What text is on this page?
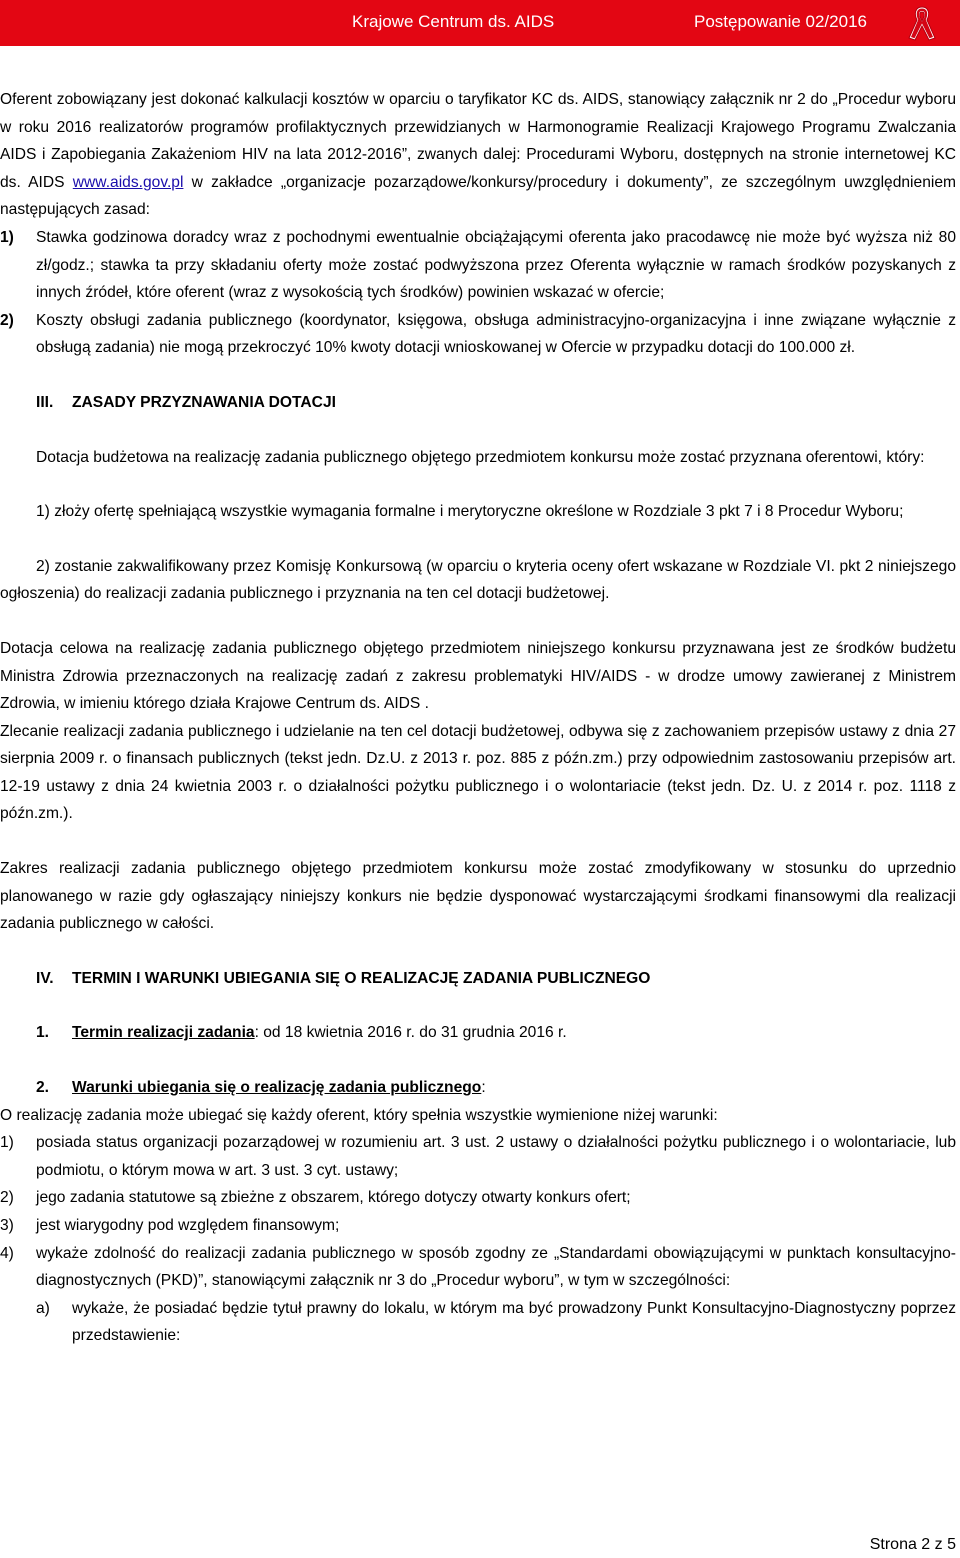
Krajowe Centrum ds. AIDS	Postępowanie 02/2016

Oferent zobowiązany jest dokonać kalkulacji kosztów w oparciu o taryfikator KC ds. AIDS, stanowiący załącznik nr 2 do „Procedur wyboru w roku 2016 realizatorów programów profilaktycznych przewidzianych w Harmonogramie Realizacji Krajowego Programu Zwalczania AIDS i Zapobiegania Zakażeniom HIV na lata 2012-2016”, zwanych dalej: Procedurami Wyboru, dostępnych na stronie internetowej KC ds. AIDS www.aids.gov.pl w zakładce „organizacje pozarządowe/konkursy/procedury i dokumenty”, ze szczególnym uwzględnieniem następujących zasad:

1)	Stawka godzinowa doradcy wraz z pochodnymi ewentualnie obciążającymi oferenta jako pracodawcę nie może być wyższa niż 80 zł/godz.; stawka ta przy składaniu oferty może zostać podwyższona przez Oferenta wyłącznie w ramach środków pozyskanych z innych źródeł, które oferent (wraz z wysokością tych środków) powinien wskazać w ofercie;
2)	Koszty obsługi zadania publicznego (koordynator, księgowa, obsługa administracyjno-organizacyjna i inne związane wyłącznie z obsługą zadania) nie mogą przekroczyć 10% kwoty dotacji wnioskowanej w Ofercie w przypadku dotacji do 100.000 zł.
III.	ZASADY PRZYZNAWANIA DOTACJI

Dotacja budżetowa na realizację zadania publicznego objętego przedmiotem konkursu może zostać przyznana oferentowi, który:

1) złoży ofertę spełniającą wszystkie wymagania formalne i merytoryczne określone w Rozdziale 3 pkt 7 i 8 Procedur Wyboru;

2) zostanie zakwalifikowany przez Komisję Konkursową (w oparciu o kryteria oceny ofert wskazane w Rozdziale VI. pkt 2 niniejszego ogłoszenia) do realizacji zadania publicznego i przyznania na ten cel dotacji budżetowej.

Dotacja celowa na realizację zadania publicznego objętego przedmiotem niniejszego konkursu przyznawana jest ze środków budżetu Ministra Zdrowia przeznaczonych na realizację zadań z zakresu problematyki HIV/AIDS - w drodze umowy zawieranej z Ministrem Zdrowia, w imieniu którego działa Krajowe Centrum ds. AIDS .

Zlecanie realizacji zadania publicznego i udzielanie na ten cel dotacji budżetowej, odbywa się z zachowaniem przepisów ustawy z dnia 27 sierpnia 2009 r. o finansach publicznych (tekst jedn. Dz.U. z 2013 r. poz. 885 z późn.zm.) przy odpowiednim zastosowaniu przepisów art. 12-19 ustawy z dnia 24 kwietnia 2003 r. o działalności pożytku publicznego i o wolontariacie (tekst jedn. Dz. U. z 2014 r. poz. 1118 z późn.zm.).

Zakres realizacji zadania publicznego objętego przedmiotem konkursu może zostać zmodyfikowany w stosunku do uprzednio planowanego w razie gdy ogłaszający niniejszy konkurs nie będzie dysponować wystarczającymi środkami finansowymi dla realizacji zadania publicznego w całości.

IV.	TERMIN I WARUNKI UBIEGANIA SIĘ O REALIZACJĘ ZADANIA PUBLICZNEGO
1.	Termin realizacji zadania: od 18 kwietnia 2016 r. do 31 grudnia 2016 r.
2.	Warunki ubiegania się o realizację zadania publicznego:

O realizację zadania może ubiegać się każdy oferent, który spełnia wszystkie wymienione niżej warunki:

1)	posiada status organizacji pozarządowej w rozumieniu art. 3 ust. 2 ustawy o działalności pożytku publicznego i o wolontariacie, lub podmiotu, o którym mowa w art. 3 ust. 3 cyt. ustawy;
2)	jego zadania statutowe są zbieżne z obszarem, którego dotyczy otwarty konkurs ofert;
3)	jest wiarygodny pod względem finansowym;
4)	wykaże zdolność do realizacji zadania publicznego w sposób zgodny ze „Standardami obowiązującymi w punktach konsultacyjno-diagnostycznych (PKD)”, stanowiącymi załącznik nr 3 do „Procedur wyboru”, w tym w szczególności:
a)	wykaże, że posiadać będzie tytuł prawny do lokalu, w którym ma być prowadzony Punkt Konsultacyjno-Diagnostyczny poprzez przedstawienie:
Strona 2 z 5
